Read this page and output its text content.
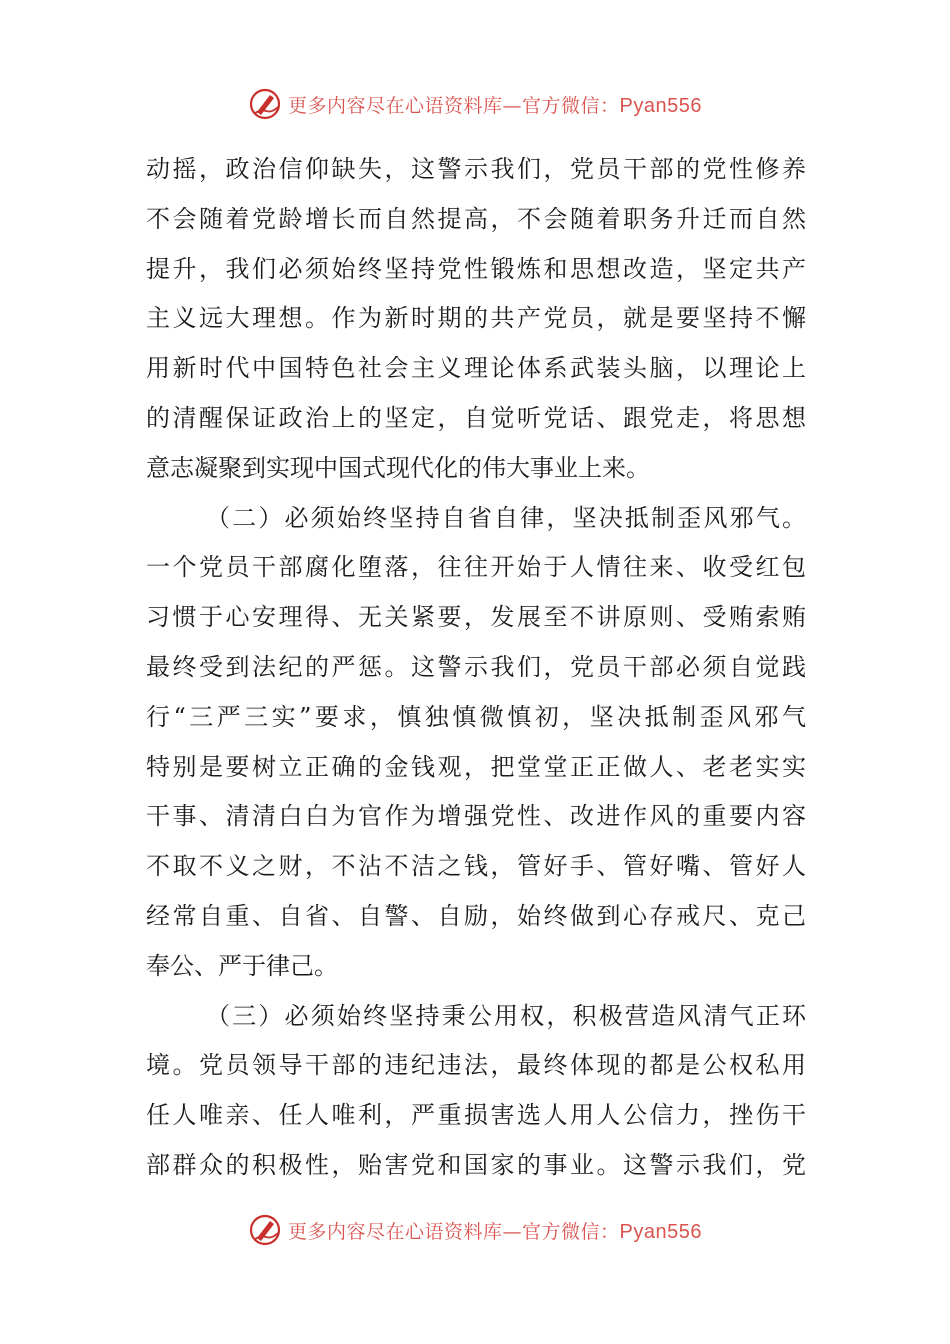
更多内容尽在心语资料库—官方微信：Pyan556
动摇，政治信仰缺失，这警示我们，党员干部的党性修养
不会随着党龄增长而自然提高，不会随着职务升迁而自然
提升，我们必须始终坚持党性锻炼和思想改造，坚定共产
主义远大理想。作为新时期的共产党员，就是要坚持不懈
用新时代中国特色社会主义理论体系武装头脑，以理论上
的清醒保证政治上的坚定，自觉听党话、跟党走，将思想
意志凝聚到实现中国式现代化的伟大事业上来。
（二）必须始终坚持自省自律，坚决抵制歪风邪气。
一个党员干部腐化堕落，往往开始于人情往来、收受红包
习惯于心安理得、无关紧要，发展至不讲原则、受贿索贿
最终受到法纪的严惩。这警示我们，党员干部必须自觉践
行“三严三实”要求，慎独慎微慎初，坚决抵制歪风邪气
特别是要树立正确的金钱观，把堂堂正正做人、老老实实
干事、清清白白为官作为增强党性、改进作风的重要内容
不取不义之财，不沾不洁之钱，管好手、管好嘴、管好人
经常自重、自省、自警、自励，始终做到心存戒尺、克己
奉公、严于律己。
（三）必须始终坚持秉公用权，积极营造风清气正环
境。党员领导干部的违纪违法，最终体现的都是公权私用
任人唯亲、任人唯利，严重损害选人用人公信力，挫伤干
部群众的积极性，贻害党和国家的事业。这警示我们，党
更多内容尽在心语资料库—官方微信：Pyan556
